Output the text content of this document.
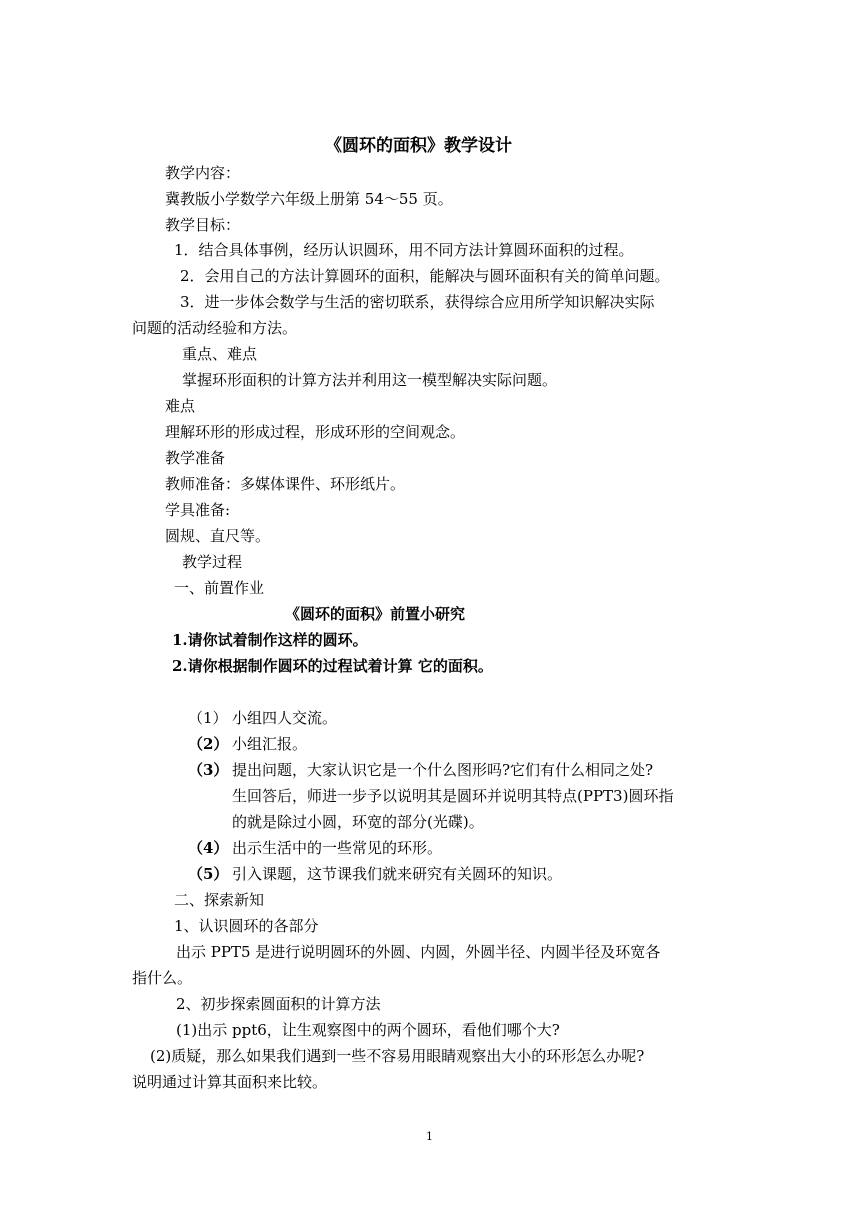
《圆环的面积》教学设计
教学内容：
冀教版小学数学六年级上册第 54～55 页。
教学目标：
1．结合具体事例，经历认识圆环，用不同方法计算圆环面积的过程。
2．会用自己的方法计算圆环的面积，能解决与圆环面积有关的简单问题。
3．进一步体会数学与生活的密切联系，获得综合应用所学知识解决实际
问题的活动经验和方法。
重点、难点
掌握环形面积的计算方法并利用这一模型解决实际问题。
难点
理解环形的形成过程，形成环形的空间观念。
教学准备
教师准备：多媒体课件、环形纸片。
学具准备:
圆规、直尺等。
教学过程
一、前置作业
《圆环的面积》前置小研究
1.请你试着制作这样的圆环。
2.请你根据制作圆环的过程试着计算 它的面积。
（1） 小组四人交流。
（2） 小组汇报。
（3） 提出问题，大家认识它是一个什么图形吗?它们有什么相同之处?
生回答后，师进一步予以说明其是圆环并说明其特点(PPT3)圆环指
的就是除过小圆，环宽的部分(光碟)。
（4） 出示生活中的一些常见的环形。
（5） 引入课题，这节课我们就来研究有关圆环的知识。
二、探索新知
1、认识圆环的各部分
出示 PPT5 是进行说明圆环的外圆、内圆，外圆半径、内圆半径及环宽各
指什么。
2、初步探索圆面积的计算方法
(1)出示 ppt6，让生观察图中的两个圆环，看他们哪个大?
(2)质疑，那么如果我们遇到一些不容易用眼睛观察出大小的环形怎么办呢?
说明通过计算其面积来比较。
1
